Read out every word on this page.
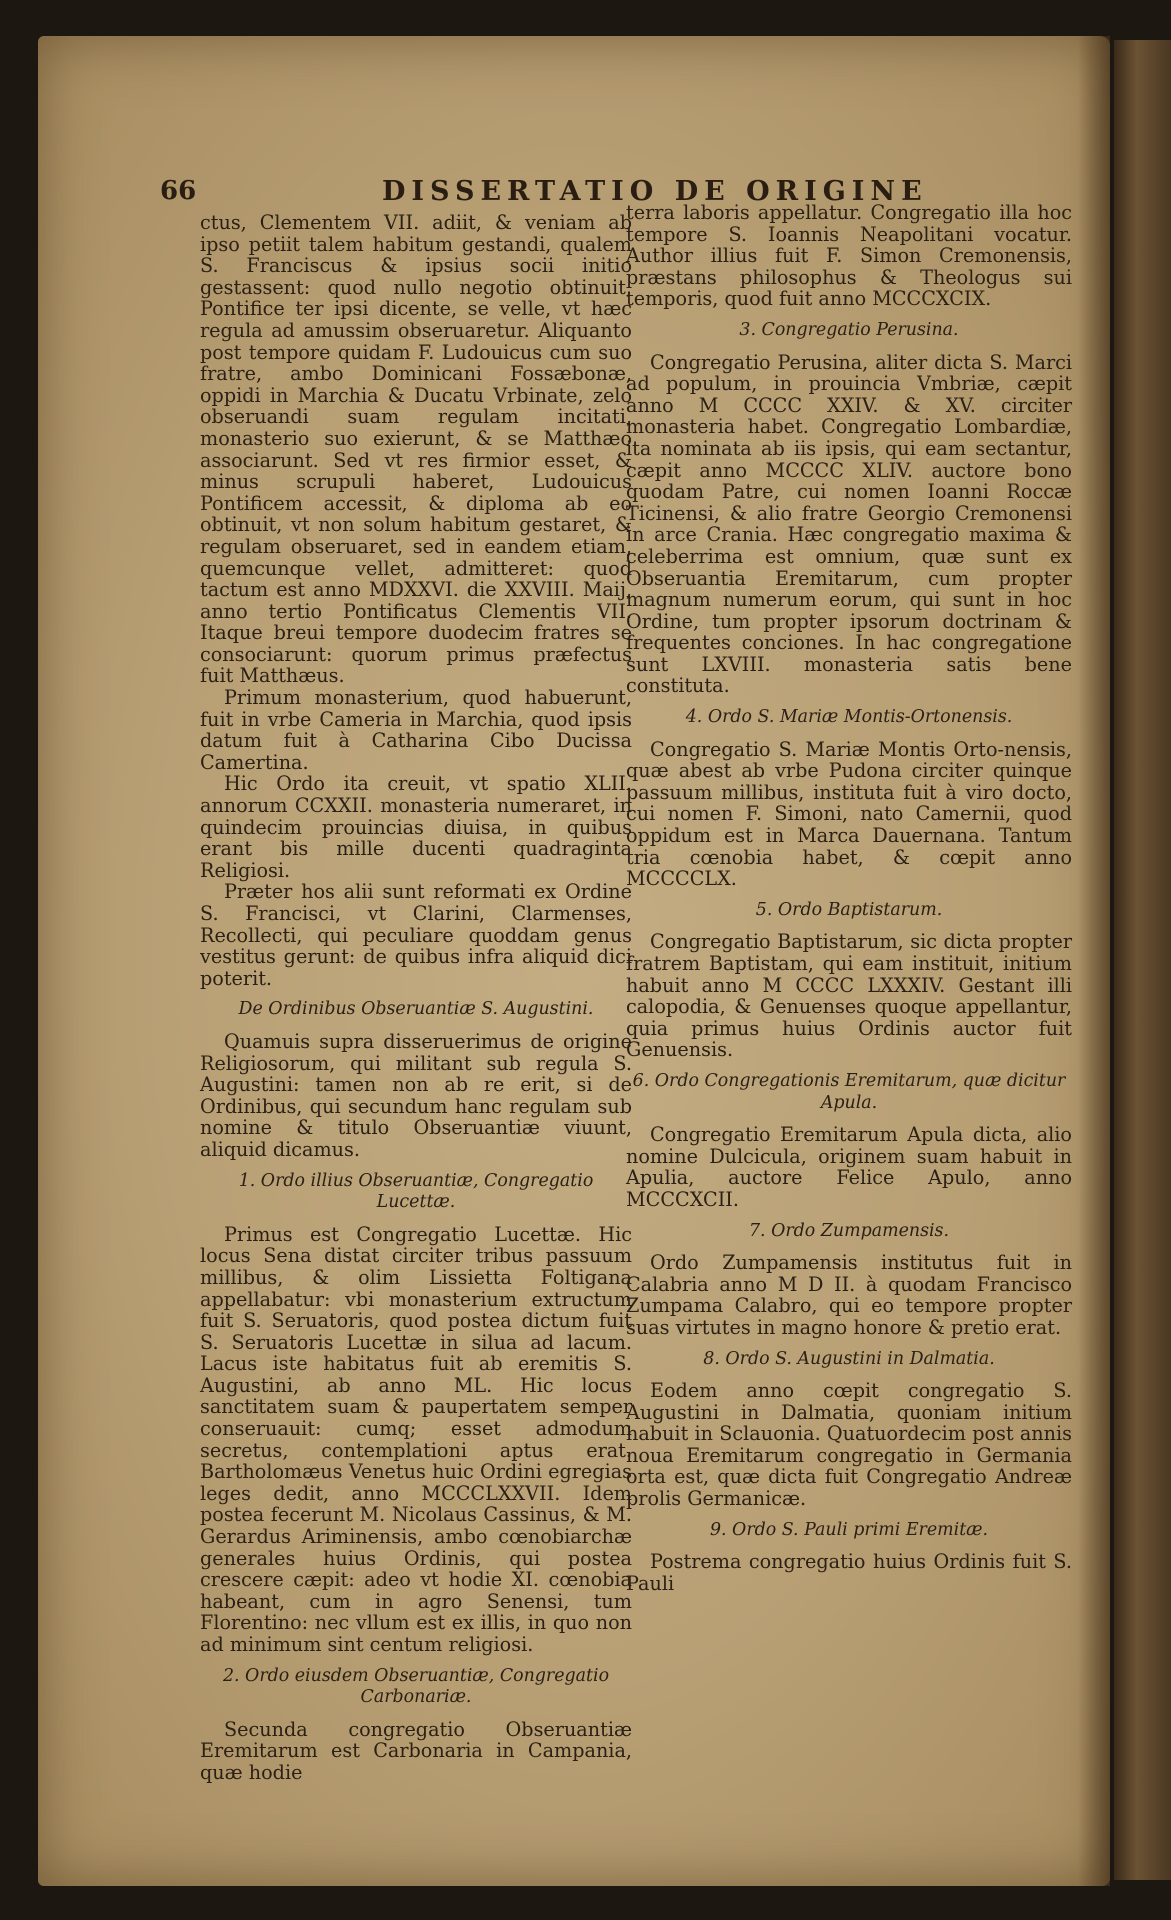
66	DISSERTATIO DE ORIGINE

ctus, Clementem VII. adiit, & veniam ab ipso petiit talem habitum gestandi, qualem S. Franciscus & ipsius socii initio gestassent: quod nullo negotio obtinuit, Pontifice ter ipsi dicente, se velle, vt hæc regula ad amussim obseruaretur. Aliquanto post tempore quidam F. Ludouicus cum suo fratre, ambo Dominicani Fossæbonæ, oppidi in Marchia & Ducatu Vrbinate, zelo obseruandi suam regulam incitati, monasterio suo exierunt, & se Matthæo associarunt. Sed vt res firmior esset, & minus scrupuli haberet, Ludouicus Pontificem accessit, & diploma ab eo obtinuit, vt non solum habitum gestaret, & regulam obseruaret, sed in eandem etiam, quemcunque vellet, admitteret: quod tactum est anno MDXXVI. die XXVIII. Maij, anno tertio Pontificatus Clementis VII. Itaque breui tempore duodecim fratres se consociarunt: quorum primus præfectus fuit Matthæus.

Primum monasterium, quod habuerunt, fuit in vrbe Cameria in Marchia, quod ipsis datum fuit à Catharina Cibo Ducissa Camertina.

Hic Ordo ita creuit, vt spatio XLII. annorum CCXXII. monasteria numeraret, in quindecim prouincias diuisa, in quibus erant bis mille ducenti quadraginta Religiosi.

Præter hos alii sunt reformati ex Ordine S. Francisci, vt Clarini, Clarmenses, Recollecti, qui peculiare quoddam genus vestitus gerunt: de quibus infra aliquid dici poterit.

De Ordinibus Obseruantiæ S. Augustini.

Quamuis supra disseruerimus de origine Religiosorum, qui militant sub regula S. Augustini: tamen non ab re erit, si de Ordinibus, qui secundum hanc regulam sub nomine & titulo Obseruantiæ viuunt, aliquid dicamus.

1. Ordo illius Obseruantiæ, Congregatio Lucettæ.

Primus est Congregatio Lucettæ. Hic locus Sena distat circiter tribus passuum millibus, & olim Lissietta Foltigana appellabatur: vbi monasterium extructum fuit S. Seruatoris, quod postea dictum fuit S. Seruatoris Lucettæ in silua ad lacum. Lacus iste habitatus fuit ab eremitis S. Augustini, ab anno ML. Hic locus sanctitatem suam & paupertatem semper conseruauit: cumq; esset admodum secretus, contemplationi aptus erat. Bartholomæus Venetus huic Ordini egregias leges dedit, anno MCCCLXXVII. Idem postea fecerunt M. Nicolaus Cassinus, & M. Gerardus Ariminensis, ambo cœnobiarchæ generales huius Ordinis, qui postea crescere cæpit: adeo vt hodie XI. cœnobia habeant, cum in agro Senensi, tum Florentino: nec vllum est ex illis, in quo non ad minimum sint centum religiosi.

2. Ordo eiusdem Obseruantiæ, Congregatio Carbonariæ.

Secunda congregatio Obseruantiæ Eremitarum est Carbonaria in Campania, quæ hodie

terra laboris appellatur. Congregatio illa hoc tempore S. Ioannis Neapolitani vocatur. Author illius fuit F. Simon Cremonensis, præstans philosophus & Theologus sui temporis, quod fuit anno MCCCXCIX.

3. Congregatio Perusina.

Congregatio Perusina, aliter dicta S. Marci ad populum, in prouincia Vmbriæ, cæpit anno M CCCC XXIV. & XV. circiter monasteria habet. Congregatio Lombardiæ, ita nominata ab iis ipsis, qui eam sectantur, cæpit anno MCCCC XLIV. auctore bono quodam Patre, cui nomen Ioanni Roccæ Ticinensi, & alio fratre Georgio Cremonensi in arce Crania. Hæc congregatio maxima & celeberrima est omnium, quæ sunt ex Obseruantia Eremitarum, cum propter magnum numerum eorum, qui sunt in hoc Ordine, tum propter ipsorum doctrinam & frequentes conciones. In hac congregatione sunt LXVIII. monasteria satis bene constituta.

4. Ordo S. Mariæ Montis-Ortonensis.

Congregatio S. Mariæ Montis Orto-nensis, quæ abest ab vrbe Pudona circiter quinque passuum millibus, instituta fuit à viro docto, cui nomen F. Simoni, nato Camernii, quod oppidum est in Marca Dauernana. Tantum tria cœnobia habet, & cœpit anno MCCCCLX.

5. Ordo Baptistarum.

Congregatio Baptistarum, sic dicta propter fratrem Baptistam, qui eam instituit, initium habuit anno M CCCC LXXXIV. Gestant illi calopodia, & Genuenses quoque appellantur, quia primus huius Ordinis auctor fuit Genuensis.

6. Ordo Congregationis Eremitarum, quæ dicitur Apula.

Congregatio Eremitarum Apula dicta, alio nomine Dulcicula, originem suam habuit in Apulia, auctore Felice Apulo, anno MCCCXCII.

7. Ordo Zumpamensis.

Ordo Zumpamensis institutus fuit in Calabria anno M D II. à quodam Francisco Zumpama Calabro, qui eo tempore propter suas virtutes in magno honore & pretio erat.

8. Ordo S. Augustini in Dalmatia.

Eodem anno cœpit congregatio S. Augustini in Dalmatia, quoniam initium habuit in Sclauonia. Quatuordecim post annis noua Eremitarum congregatio in Germania orta est, quæ dicta fuit Congregatio Andreæ prolis Germanicæ.

9. Ordo S. Pauli primi Eremitæ.

Postrema congregatio huius Ordinis fuit S. Pauli
